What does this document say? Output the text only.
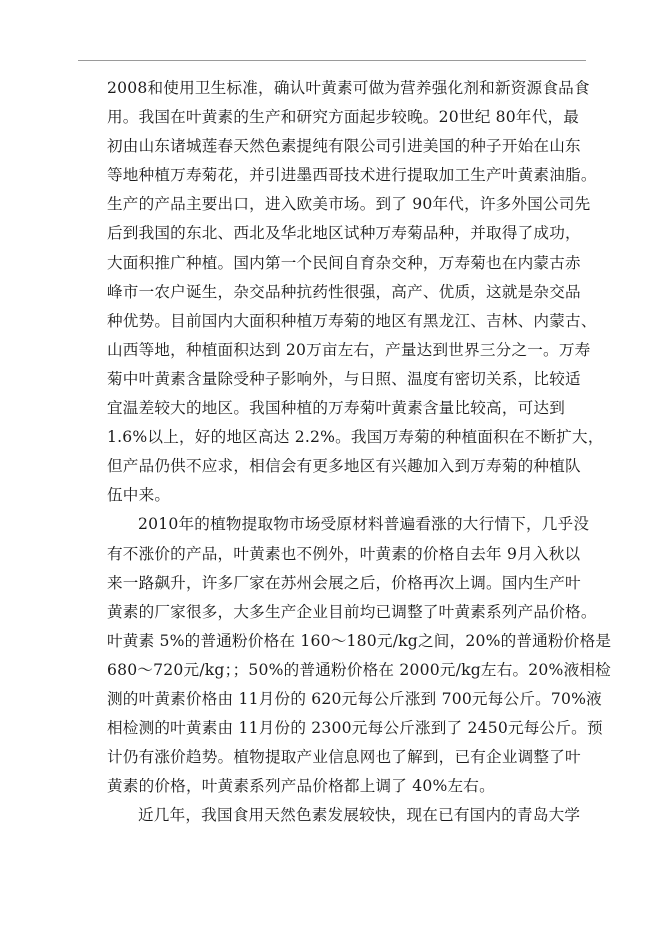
2008和使用卫生标准，确认叶黄素可做为营养强化剂和新资源食品食
用。我国在叶黄素的生产和研究方面起步较晚。20世纪 80年代，最
初由山东诸城莲春天然色素提纯有限公司引进美国的种子开始在山东
等地种植万寿菊花，并引进墨西哥技术进行提取加工生产叶黄素油脂。
生产的产品主要出口，进入欧美市场。到了 90年代，许多外国公司先
后到我国的东北、西北及华北地区试种万寿菊品种，并取得了成功，
大面积推广种植。国内第一个民间自育杂交种，万寿菊也在内蒙古赤
峰市一农户诞生，杂交品种抗药性很强，高产、优质，这就是杂交品
种优势。目前国内大面积种植万寿菊的地区有黑龙江、吉林、内蒙古、
山西等地，种植面积达到 20万亩左右，产量达到世界三分之一。万寿
菊中叶黄素含量除受种子影响外，与日照、温度有密切关系，比较适
宜温差较大的地区。我国种植的万寿菊叶黄素含量比较高，可达到
1.6%以上，好的地区高达 2.2%。我国万寿菊的种植面积在不断扩大，
但产品仍供不应求，相信会有更多地区有兴趣加入到万寿菊的种植队
伍中来。
2010年的植物提取物市场受原材料普遍看涨的大行情下，几乎没
有不涨价的产品，叶黄素也不例外，叶黄素的价格自去年 9月入秋以
来一路飙升，许多厂家在苏州会展之后，价格再次上调。国内生产叶
黄素的厂家很多，大多生产企业目前均已调整了叶黄素系列产品价格。
叶黄素 5%的普通粉价格在 160～180元/kg之间，20%的普通粉价格是
680～720元/kg；；50%的普通粉价格在 2000元/kg左右。20%液相检
测的叶黄素价格由 11月份的 620元每公斤涨到 700元每公斤。70%液
相检测的叶黄素由 11月份的 2300元每公斤涨到了 2450元每公斤。预
计仍有涨价趋势。植物提取产业信息网也了解到，已有企业调整了叶
黄素的价格，叶黄素系列产品价格都上调了 40%左右。
近几年，我国食用天然色素发展较快，现在已有国内的青岛大学
